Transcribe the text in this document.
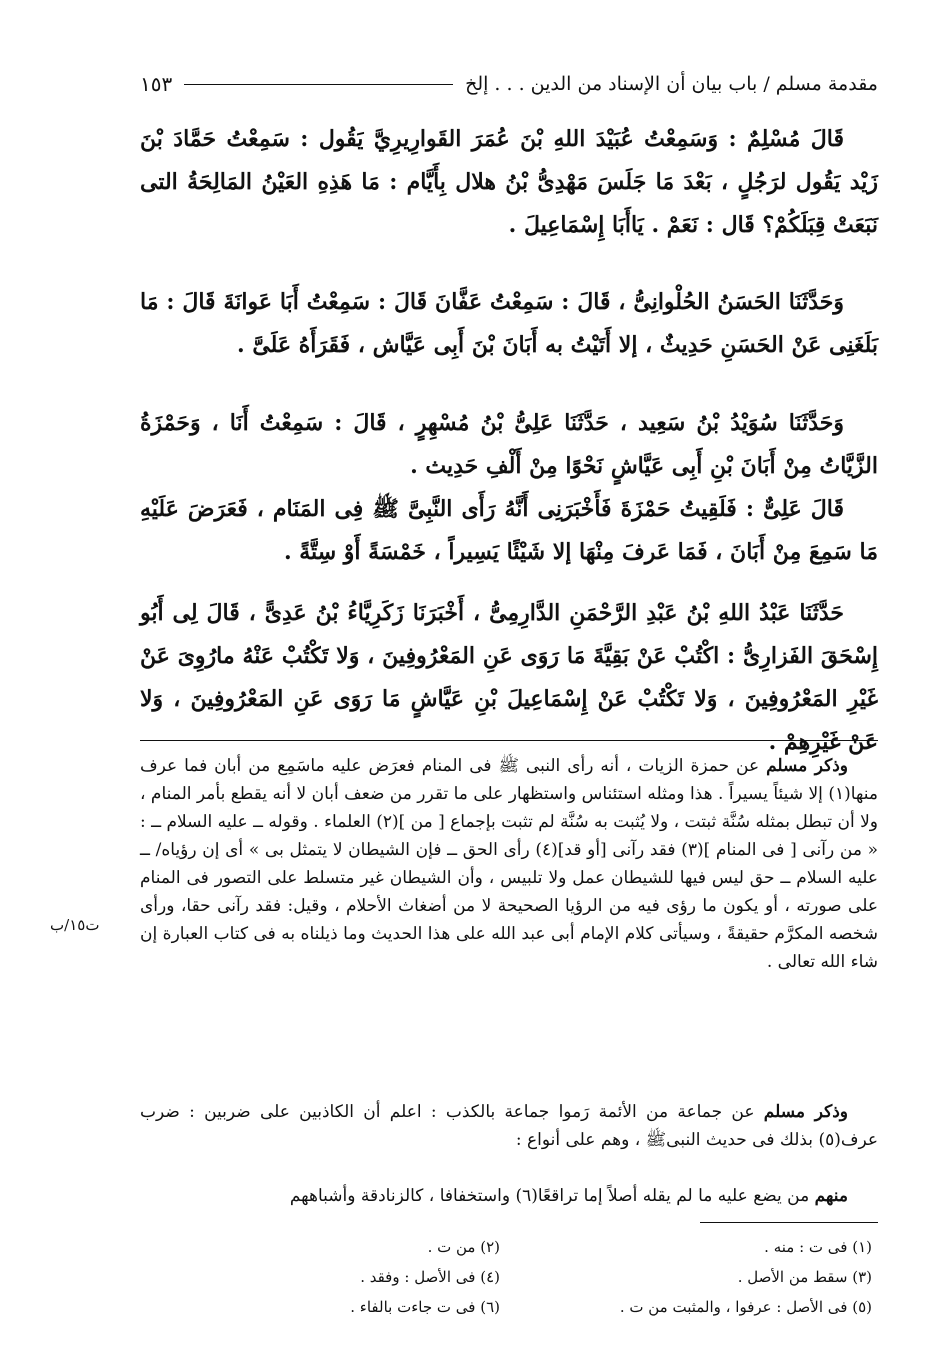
مقدمة مسلم / باب بيان أن الإسناد من الدين . . . إلخ
١٥٣

قَالَ مُسْلِمٌ : وَسَمِعْتُ عُبَيْدَ اللهِ بْنَ عُمَرَ القَوارِيرِيَّ يَقُول : سَمِعْتُ حَمَّادَ بْنَ زَيْد يَقُول لرَجُلٍ ، بَعْدَ مَا جَلَسَ مَهْدِىُّ بْنُ هلال بِأَيَّام : مَا هَذِهِ العَيْنُ المَالِحَةُ التى نَبَعَتْ قِبَلَكُمْ؟ قَال : نَعَمْ . يَاأَبَا إِسْمَاعِيلَ .

وَحَدَّثَنَا الحَسَنُ الحُلْوانِىُّ ، قَالَ : سَمِعْتُ عَفَّانَ قَالَ : سَمِعْتُ أَبَا عَوانَةَ قَالَ : مَا بَلَغَنِى عَنْ الحَسَنِ حَدِيثٌ ، إلا أَتَيْتُ به أَبَانَ بْنَ أَبِى عَيَّاش ، فَقَرَأَهُ عَلَىَّ .

وَحَدَّثَنَا سُوَيْدُ بْنُ سَعِيد ، حَدَّثَنَا عَلِىُّ بْنُ مُسْهِرٍ ، قَالَ : سَمِعْتُ أَنَا ، وَحَمْزَةُ الزَّيَّاتُ مِنْ أَبَانَ بْنِ أَبِى عَيَّاشٍ نَحْوًا مِنْ أَلْفِ حَدِيث .

قَالَ عَلِىٌّ : فَلَقِيتُ حَمْزَةَ فَأَخْبَرَنِى أَنَّهُ رَأَى النَّبِىَّ ﷺ فِى المَنَام ، فَعَرَضَ عَلَيْهِ مَا سَمِعَ مِنْ أَبَانَ ، فَمَا عَرفَ مِنْهَا إلا شَيْئًا يَسِيراً ، خَمْسَةً أَوْ سِتَّةً .

حَدَّثَنَا عَبْدُ اللهِ بْنُ عَبْدِ الرَّحْمَنِ الدَّارِمِىُّ ، أَخْبَرَنَا زَكَرِيَّاءُ بْنُ عَدِىًّ ، قَالَ لِى أَبُو إِسْحَقَ الفَزارِىُّ : اكْتُبْ عَنْ بَقِيَّةَ مَا رَوَى عَنِ المَعْرُوفِينَ ، وَلا تَكْتُبْ عَنْهُ مارُوِىَ عَنْ غَيْرِ المَعْرُوفِينَ ، وَلا تَكْتُبْ عَنْ إِسْمَاعِيلَ بْنِ عَيَّاشٍ مَا رَوَى عَنِ المَعْرُوفِينَ ، وَلا عَنْ غَيْرِهِمْ .

وذكر مسلم عن حمزة الزيات ، أنه رأى النبى ﷺ فى المنام فعرَض عليه ماسَمِع من أبان فما عرف منها(١) إلا شيئاً يسيراً . هذا ومثله استئناس واستظهار على ما تقرر من ضعف أبان لا أنه يقطع بأمر المنام ، ولا أن تبطل بمثله سُنَّة ثبتت ، ولا يُثبت به سُنَّة لم تثبت بإجماع [ من ](٢) العلماء . وقوله ــ عليه السلام ــ : « من رآنى [ فى المنام ](٣) فقد رآنى [أو قد](٤) رأى الحق ــ فإن الشيطان لا يتمثل بى » أى إن رؤياه/ ــ عليه السلام ــ حق ليس فيها للشيطان عمل ولا تلبيس ، وأن الشيطان غير متسلط على التصور فى المنام على صورته ، أو يكون ما رؤى فيه من الرؤيا الصحيحة لا من أضغاث الأحلام ، وقيل: فقد رآنى حقا، ورأى شخصه المكرَّم حقيقةً ، وسيأتى كلام الإمام أبى عبد الله على هذا الحديث وما ذيلناه به فى كتاب العبارة إن شاء الله تعالى .

وذكر مسلم عن جماعة من الأئمة رَموا جماعة بالكذب : اعلم أن الكاذبين على ضربين : ضرب عرف(٥) بذلك فى حديث النبىﷺ ، وهم على أنواع :

منهم من يضع عليه ما لم يقله أصلاً إما تراقعًا(٦) واستخفافا ، كالزنادقة وأشباههم

ت١٥/ب
(١) فى ت : منه .
(٢) من ت .
(٣) سقط من الأصل .
(٤) فى الأصل : وفقد .
(٥) فى الأصل : عرفوا ، والمثبت من ت .
(٦) فى ت جاءت بالفاء .
